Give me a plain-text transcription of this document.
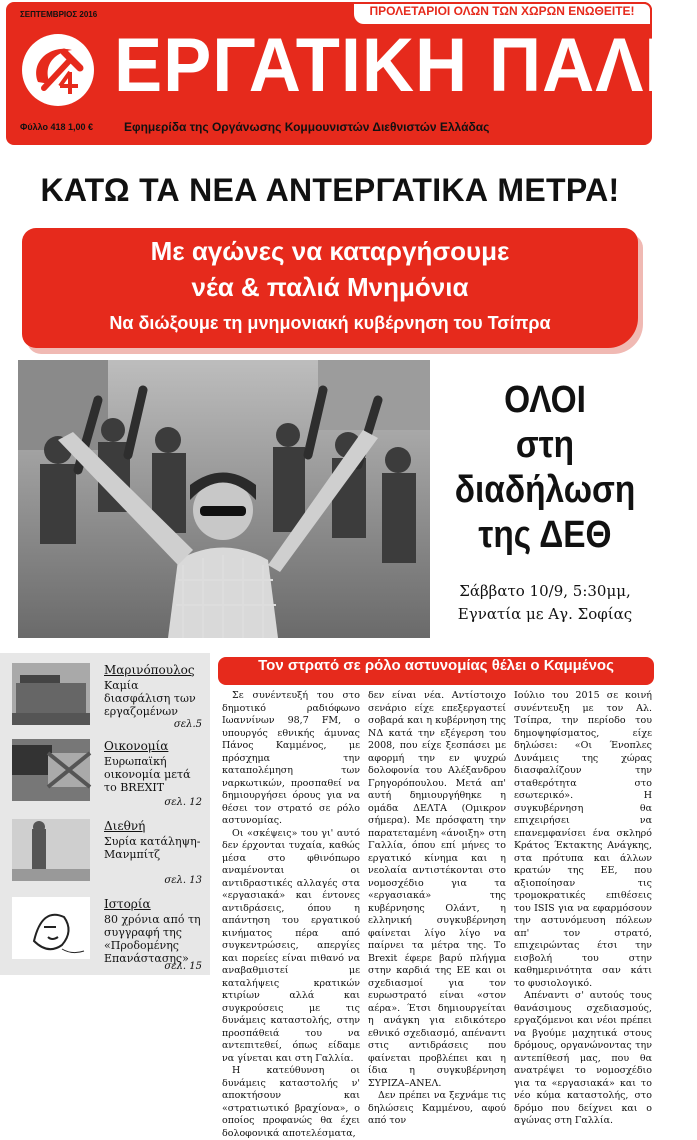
ΣΕΠΤΕΜΒΡΙΟΣ 2016	ΠΡΟΛΕΤΑΡΙΟΙ ΟΛΩΝ ΤΩΝ ΧΩΡΩΝ ΕΝΩΘΕΙΤΕ!
ΕΡΓΑΤΙΚΗ ΠΑΛΗ
Φύλλο 418 1,00 €	Εφημερίδα της Οργάνωσης Κομμουνιστών Διεθνιστών Ελλάδας
ΚΑΤΩ ΤΑ ΝΕΑ ΑΝΤΕΡΓΑΤΙΚΑ ΜΕΤΡΑ!
Με αγώνες να καταργήσουμε
νέα & παλιά Μνημόνια
Να διώξουμε τη μνημονιακή κυβέρνηση του Τσίπρα
ΟΛΟΙ
στη
διαδήλωση
της ΔΕΘ
Σάββατο 10/9, 5:30μμ,
Εγνατία με Αγ. Σοφίας
Μαρινόπουλος
Καμία διασφάλιση των εργαζομένων
σελ.5
Οικονομία
Ευρωπαϊκή οικονομία μετά το BREXIT
σελ. 12
Διεθνή
Συρία κατάληψη-Μανμπίτζ
σελ. 13
Ιστορία
80 χρόνια από τη συγγραφή της «Προδομένης Επανάστασης»
σελ. 15
Τον στρατό σε ρόλο αστυνομίας θέλει ο Καμμένος

Σε συνέντευξή του στο δημοτικό ραδιόφωνο Ιωαννίνων 98,7 FM, ο υπουργός εθνικής άμυνας Πάνος Καμμένος, με πρόσχημα την καταπολέμηση των ναρκωτικών, προσπαθεί να δημιουργήσει όρους για να θέσει τον στρατό σε ρόλο αστυνομίας.

Οι «σκέψεις» του γι' αυτό δεν έρχονται τυχαία, καθώς μέσα στο φθινόπωρο αναμένονται οι αντιδραστικές αλλαγές στα «εργασιακά» και έντονες αντιδράσεις, όπου η απάντηση του εργατικού κινήματος πέρα από συγκεντρώσεις, απεργίες και πορείες είναι πιθανό να αναβαθμιστεί με καταλήψεις κρατικών κτιρίων αλλά και συγκρούσεις με τις δυνάμεις καταστολής, στην προσπάθειά του να αντεπιτεθεί, όπως είδαμε να γίνεται και στη Γαλλία.

Η κατεύθυνση οι δυνάμεις καταστολής ν' αποκτήσουν και «στρατιωτικό βραχίονα», ο οποίος προφανώς θα έχει δολοφονικά αποτελέσματα,

δεν είναι νέα. Αντίστοιχο σενάριο είχε επεξεργαστεί σοβαρά και η κυβέρνηση της ΝΔ κατά την εξέγερση του 2008, που είχε ξεσπάσει με αφορμή την εν ψυχρώ δολοφονία του Αλέξανδρου Γρηγορόπουλου. Μετά απ' αυτή δημιουργήθηκε η ομάδα ΔΕΛΤΑ (Ομικρον σήμερα). Με πρόσφατη την παρατεταμένη «άνοιξη» στη Γαλλία, όπου επί μήνες το εργατικό κίνημα και η νεολαία αντιστέκονται στο νομοσχέδιο για τα «εργασιακά» της κυβέρνησης Ολάντ, η ελληνική συγκυβέρνηση φαίνεται λίγο λίγο να παίρνει τα μέτρα της. Το Brexit έφερε βαρύ πλήγμα στην καρδιά της ΕΕ και οι σχεδιασμοί για τον ευρωστρατό είναι «στον αέρα». Έτσι δημιουργείται η ανάγκη για ειδικότερο εθνικό σχεδιασμό, απέναντι στις αντιδράσεις που φαίνεται προβλέπει και η ίδια η συγκυβέρνηση ΣΥΡΙΖΑ–ΑΝΕΛ.

Δεν πρέπει να ξεχνάμε τις δηλώσεις Καμμένου, αφού από τον

Ιούλιο του 2015 σε κοινή συνέντευξη με τον Αλ. Τσίπρα, την περίοδο του δημοψηφίσματος, είχε δηλώσει: «Οι Ένοπλες Δυνάμεις της χώρας διασφαλίζουν την σταθερότητα στο εσωτερικό». Η συγκυβέρνηση θα επιχειρήσει να επανεμφανίσει ένα σκληρό Κράτος Έκτακτης Ανάγκης, στα πρότυπα και άλλων κρατών της ΕΕ, που αξιοποίησαν τις τρομοκρατικές επιθέσεις του ISIS για να εφαρμόσουν την αστυνόμευση πόλεων απ' τον στρατό, επιχειρώντας έτσι την εισβολή του στην καθημερινότητα σαν κάτι το φυσιολογικό.

Απέναντι σ' αυτούς τους θανάσιμους σχεδιασμούς, εργαζόμενοι και νέοι πρέπει να βγούμε μαχητικά στους δρόμους, οργανώνοντας την αντεπίθεσή μας, που θα ανατρέψει το νομοσχέδιο για τα «εργασιακά» και το νέο κύμα καταστολής, στο δρόμο που δείχνει και ο αγώνας στη Γαλλία.
